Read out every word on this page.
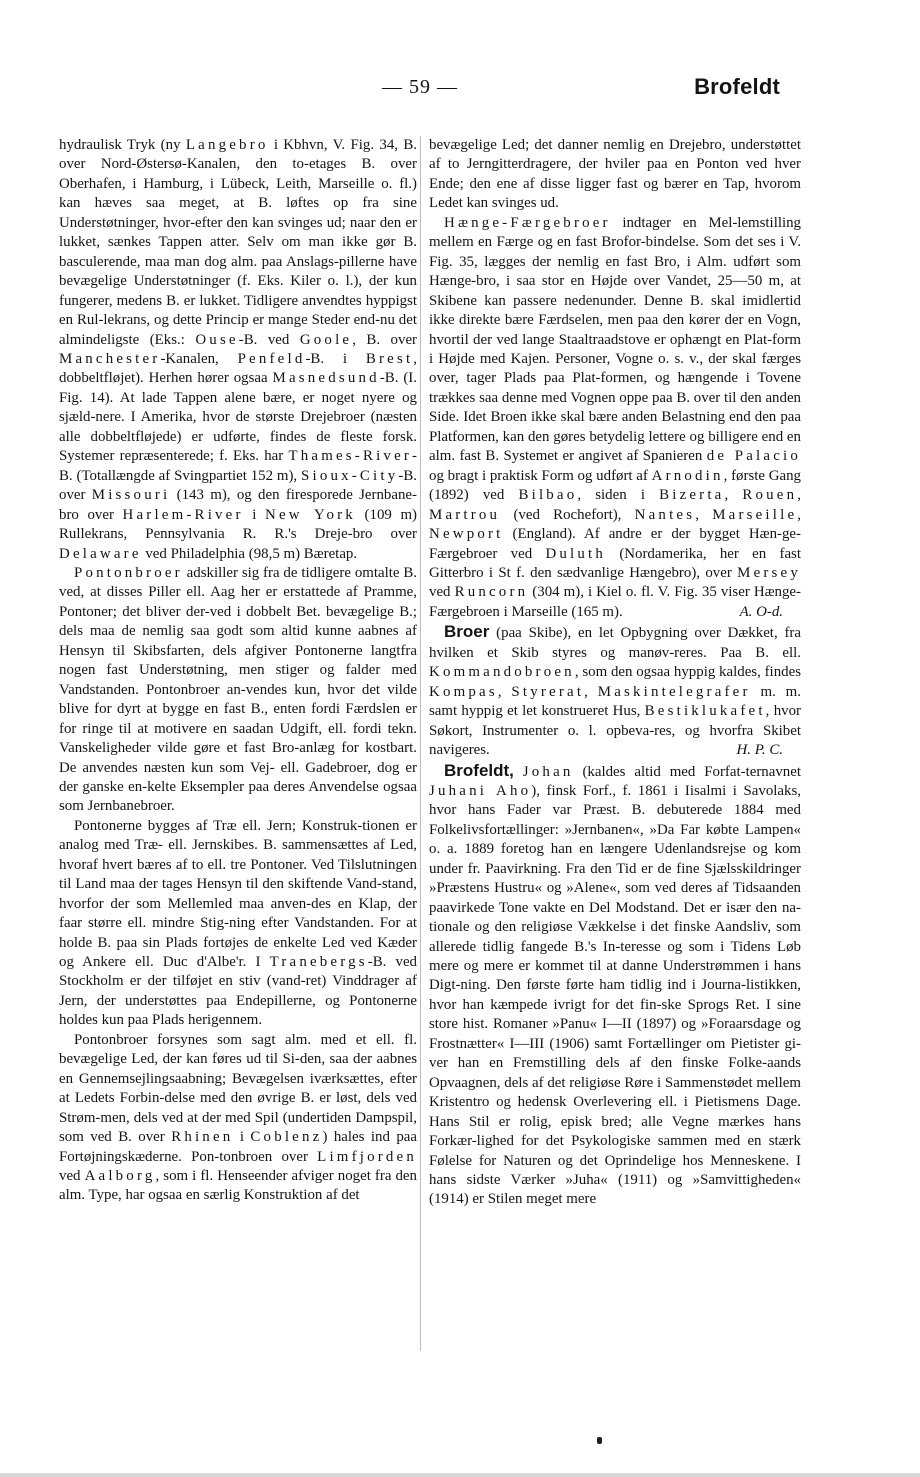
— 59 —	Brofeldt

hydraulisk Tryk (ny Langebro i Kbhvn, V. Fig. 34, B. over Nord-Østersø-Kanalen, den to-etages B. over Oberhafen, i Hamburg, i Lübeck, Leith, Marseille o. fl.) kan hæves saa meget, at B. løftes op fra sine Understøtninger, hvor-efter den kan svinges ud; naar den er lukket, sænkes Tappen atter. Selv om man ikke gør B. basculerende, maa man dog alm. paa Anslags-pillerne have bevægelige Understøtninger (f. Eks. Kiler o. l.), der kun fungerer, medens B. er lukket. Tidligere anvendtes hyppigst en Rul-lekrans, og dette Princip er mange Steder end-nu det almindeligste (Eks.: Ouse-B. ved Goole, B. over Manchester-Kanalen, Penfeld-B. i Brest, dobbeltfløjet). Herhen hører ogsaa Masnedsund-B. (I. Fig. 14). At lade Tappen alene bære, er noget nyere og sjæld-nere. I Amerika, hvor de største Drejebroer (næsten alle dobbeltfløjede) er udførte, findes de fleste forsk. Systemer repræsenterede; f. Eks. har Thames-River-B. (Totallængde af Svingpartiet 152 m), Sioux-City-B. over Missouri (143 m), og den firesporede Jernbane-bro over Harlem-River i New York (109 m) Rullekrans, Pennsylvania R. R.'s Dreje-bro over Delaware ved Philadelphia (98,5 m) Bæretap.

Pontonbroer adskiller sig fra de tidligere omtalte B. ved, at disses Piller ell. Aag her er erstattede af Pramme, Pontoner; det bliver der-ved i dobbelt Bet. bevægelige B.; dels maa de nemlig saa godt som altid kunne aabnes af Hensyn til Skibsfarten, dels afgiver Pontonerne langtfra nogen fast Understøtning, men stiger og falder med Vandstanden. Pontonbroer an-vendes kun, hvor det vilde blive for dyrt at bygge en fast B., enten fordi Færdslen er for ringe til at motivere en saadan Udgift, ell. fordi tekn. Vanskeligheder vilde gøre et fast Bro-anlæg for kostbart. De anvendes næsten kun som Vej- ell. Gadebroer, dog er der ganske en-kelte Eksempler paa deres Anvendelse ogsaa som Jernbanebroer.

Pontonerne bygges af Træ ell. Jern; Konstruk-tionen er analog med Træ- ell. Jernskibes. B. sammensættes af Led, hvoraf hvert bæres af to ell. tre Pontoner. Ved Tilslutningen til Land maa der tages Hensyn til den skiftende Vand-stand, hvorfor der som Mellemled maa anven-des en Klap, der faar større ell. mindre Stig-ning efter Vandstanden. For at holde B. paa sin Plads fortøjes de enkelte Led ved Kæder og Ankere ell. Duc d'Albe'r. I Tranebergs-B. ved Stockholm er der tilføjet en stiv (vand-ret) Vinddrager af Jern, der understøttes paa Endepillerne, og Pontonerne holdes kun paa Plads herigennem.

Pontonbroer forsynes som sagt alm. med et ell. fl. bevægelige Led, der kan føres ud til Si-den, saa der aabnes en Gennemsejlingsaabning; Bevægelsen iværksættes, efter at Ledets Forbin-delse med den øvrige B. er løst, dels ved Strøm-men, dels ved at der med Spil (undertiden Dampspil, som ved B. over Rhinen i Coblenz) hales ind paa Fortøjningskæderne. Pon-tonbroen over Limfjorden ved Aalborg, som i fl. Henseender afviger noget fra den alm. Type, har ogsaa en særlig Konstruktion af det

bevægelige Led; det danner nemlig en Drejebro, understøttet af to Jerngitterdragere, der hviler paa en Ponton ved hver Ende; den ene af disse ligger fast og bærer en Tap, hvorom Ledet kan svinges ud.

Hænge-Færgebroer indtager en Mel-lemstilling mellem en Færge og en fast Brofor-bindelse. Som det ses i V. Fig. 35, lægges der nemlig en fast Bro, i Alm. udført som Hænge-bro, i saa stor en Højde over Vandet, 25—50 m, at Skibene kan passere nedenunder. Denne B. skal imidlertid ikke direkte bære Færdselen, men paa den kører der en Vogn, hvortil der ved lange Staaltraadstove er ophængt en Plat-form i Højde med Kajen. Personer, Vogne o. s. v., der skal færges over, tager Plads paa Plat-formen, og hængende i Tovene trækkes saa denne med Vognen oppe paa B. over til den anden Side. Idet Broen ikke skal bære anden Belastning end den paa Platformen, kan den gøres betydelig lettere og billigere end en alm. fast B. Systemet er angivet af Spanieren de Palacio og bragt i praktisk Form og udført af Arnodin, første Gang (1892) ved Bilbao, siden i Bizerta, Rouen, Martrou (ved Rochefort), Nantes, Marseille, Newport (England). Af andre er der bygget Hæn-ge-Færgebroer ved Duluth (Nordamerika, her en fast Gitterbro i St f. den sædvanlige Hængebro), over Mersey ved Runcorn (304 m), i Kiel o. fl. V. Fig. 35 viser Hænge-Færgebroen i Marseille (165 m).	A. O-d.

Broer (paa Skibe), en let Opbygning over Dækket, fra hvilken et Skib styres og manøv-reres. Paa B. ell. Kommandobroen, som den ogsaa hyppig kaldes, findes Kompas, Styrerat, Maskintelegrafer m. m. samt hyppig et let konstrueret Hus, Bestiklukafet, hvor Søkort, Instrumenter o. l. opbeva-res, og hvorfra Skibet navigeres.	H. P. C.

Brofeldt, Johan (kaldes altid med Forfat-ternavnet Juhani Aho), finsk Forf., f. 1861 i Iisalmi i Savolaks, hvor hans Fader var Præst. B. debuterede 1884 med Folkelivsfortællinger: »Jernbanen«, »Da Far købte Lampen« o. a. 1889 foretog han en længere Udenlandsrejse og kom under fr. Paavirkning. Fra den Tid er de fine Sjælsskildringer »Præstens Hustru« og »Alene«, som ved deres af Tidsaanden paavirkede Tone vakte en Del Modstand. Det er især den na-tionale og den religiøse Vækkelse i det finske Aandsliv, som allerede tidlig fangede B.'s In-teresse og som i Tidens Løb mere og mere er kommet til at danne Understrømmen i hans Digt-ning. Den første førte ham tidlig ind i Journa-listikken, hvor han kæmpede ivrigt for det fin-ske Sprogs Ret. I sine store hist. Romaner »Panu« I—II (1897) og »Foraarsdage og Frostnætter« I—III (1906) samt Fortællinger om Pietister gi-ver han en Fremstilling dels af den finske Folke-aands Opvaagnen, dels af det religiøse Røre i Sammenstødet mellem Kristentro og hedensk Overlevering ell. i Pietismens Dage. Hans Stil er rolig, episk bred; alle Vegne mærkes hans Forkær-lighed for det Psykologiske sammen med en stærk Følelse for Naturen og det Oprindelige hos Menneskene. I hans sidste Værker »Juha« (1911) og »Samvittigheden« (1914) er Stilen meget mere
